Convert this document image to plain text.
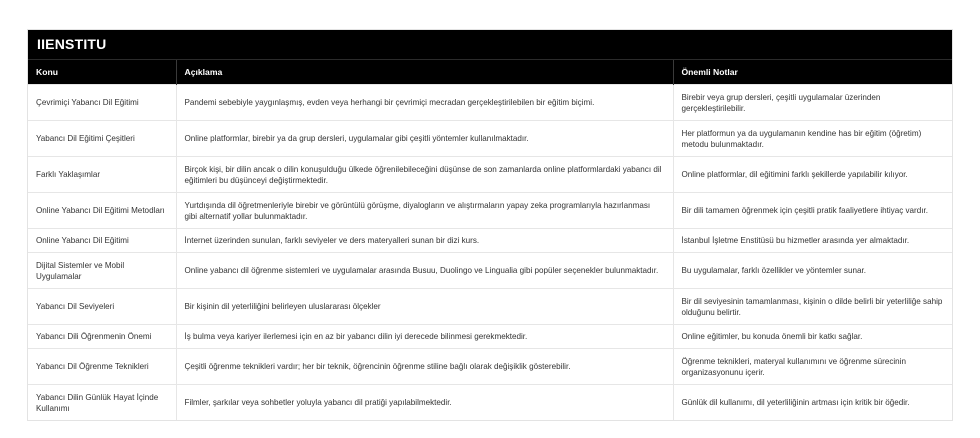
IIENSTITU
Konu	Açıklama	Önemli Notlar
Çevrimiçi Yabancı Dil Eğitimi	Pandemi sebebiyle yaygınlaşmış, evden veya herhangi bir çevrimiçi mecradan gerçekleştirilebilen bir eğitim biçimi.	Birebir veya grup dersleri, çeşitli uygulamalar üzerinden gerçekleştirilebilir.
Yabancı Dil Eğitimi Çeşitleri	Online platformlar, birebir ya da grup dersleri, uygulamalar gibi çeşitli yöntemler kullanılmaktadır.	Her platformun ya da uygulamanın kendine has bir eğitim (öğretim) metodu bulunmaktadır.
Farklı Yaklaşımlar	Birçok kişi, bir dilin ancak o dilin konuşulduğu ülkede öğrenilebileceğini düşünse de son zamanlarda online platformlardaki yabancı dil eğitimleri bu düşünceyi değiştirmektedir.	Online platformlar, dil eğitimini farklı şekillerde yapılabilir kılıyor.
Online Yabancı Dil Eğitimi Metodları	Yurtdışında dil öğretmenleriyle birebir ve görüntülü görüşme, diyalogların ve alıştırmaların yapay zeka programlarıyla hazırlanması gibi alternatif yollar bulunmaktadır.	Bir dili tamamen öğrenmek için çeşitli pratik faaliyetlere ihtiyaç vardır.
Online Yabancı Dil Eğitimi	İnternet üzerinden sunulan, farklı seviyeler ve ders materyalleri sunan bir dizi kurs.	İstanbul İşletme Enstitüsü bu hizmetler arasında yer almaktadır.
Dijital Sistemler ve Mobil Uygulamalar	Online yabancı dil öğrenme sistemleri ve uygulamalar arasında Busuu, Duolingo ve Lingualia gibi popüler seçenekler bulunmaktadır.	Bu uygulamalar, farklı özellikler ve yöntemler sunar.
Yabancı Dil Seviyeleri	Bir kişinin dil yeterliliğini belirleyen uluslararası ölçekler	Bir dil seviyesinin tamamlanması, kişinin o dilde belirli bir yeterliliğe sahip olduğunu belirtir.
Yabancı Dili Öğrenmenin Önemi	İş bulma veya kariyer ilerlemesi için en az bir yabancı dilin iyi derecede bilinmesi gerekmektedir.	Online eğitimler, bu konuda önemli bir katkı sağlar.
Yabancı Dil Öğrenme Teknikleri	Çeşitli öğrenme teknikleri vardır; her bir teknik, öğrencinin öğrenme stiline bağlı olarak değişiklik gösterebilir.	Öğrenme teknikleri, materyal kullanımını ve öğrenme sürecinin organizasyonunu içerir.
Yabancı Dilin Günlük Hayat İçinde Kullanımı	Filmler, şarkılar veya sohbetler yoluyla yabancı dil pratiği yapılabilmektedir.	Günlük dil kullanımı, dil yeterliliğinin artması için kritik bir öğedir.
